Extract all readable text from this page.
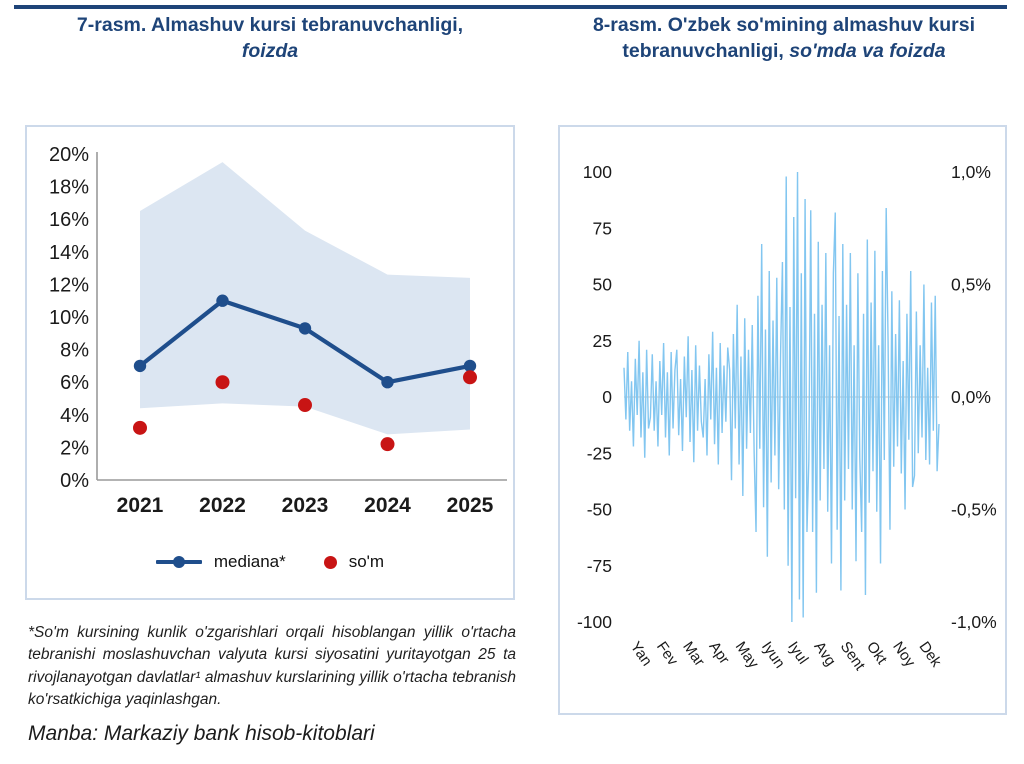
7-rasm. Almashuv kursi tebranuvchanligi,
foizda
8-rasm. O'zbek so'mining almashuv kursi tebranuvchanligi, so'mda va foizda
20%
18%
16%
14%
12%
10%
8%
6%
4%
2%
0%
2021 2022 2023 2024 2025
mediana*	so'm
100
75
50
25
0
-25
-50
-75
-100
1,0%
0,5%
0,0%
-0,5%
-1,0%
Yan
Fev
Mar
Apr
May
Iyun
Iyul
Avg
Sent
Okt
Noy
Dek
*So'm kursining kunlik o'zgarishlari orqali hisoblangan yillik o'rtacha tebranishi moslashuvchan valyuta kursi siyosatini yuritayotgan 25 ta rivojlanayotgan davlatlar¹ almashuv kurslarining yillik o'rtacha tebranish ko'rsatkichiga yaqinlashgan.
Manba: Markaziy bank hisob-kitoblari
